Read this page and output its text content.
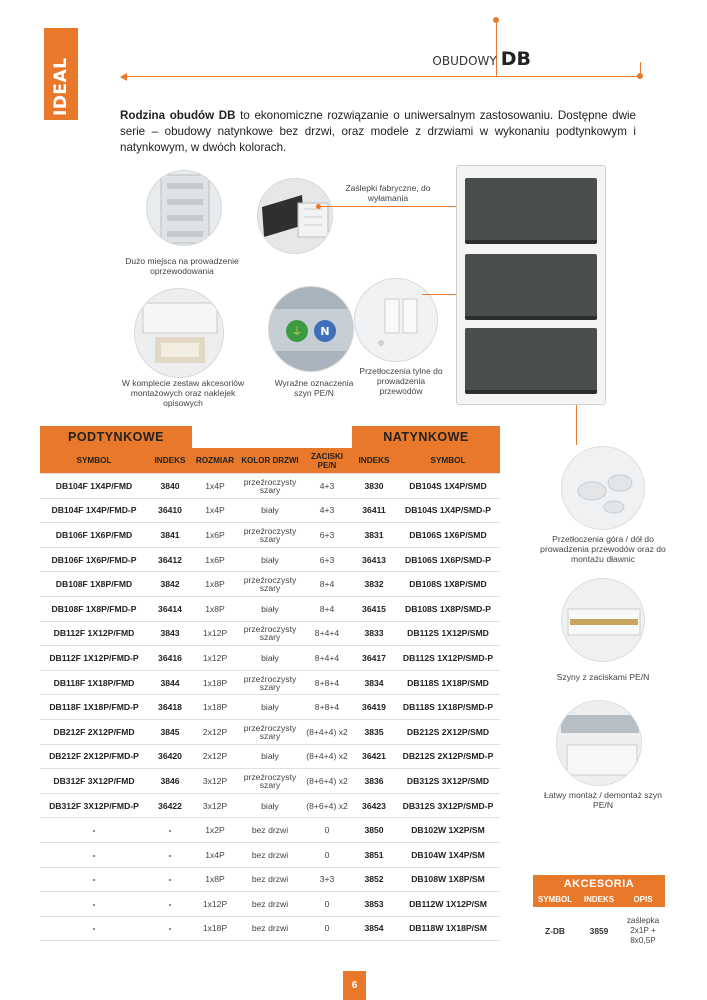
IDEAL	OBUDOWY DB
Rodzina obudów DB to ekonomiczne rozwiązanie o uniwersalnym zastosowaniu. Dostępne dwie serie – obudowy natynkowe bez drzwi, oraz modele z drzwiami w wykonaniu podtynkowym i natynkowym, w dwóch kolorach.
Dużo miejsca na prowadzenie oprzewodowania
Zaślepki fabryczne, do wyłamania
W komplecie zestaw akcesoriów montażowych oraz naklejek opisowych
⏚ N
Wyraźne oznaczenia szyn PE/N
Przetłoczenia tylne do prowadzenia przewodów
PODTYNKOWE					NATYNKOWE	
SYMBOL	INDEKS	ROZMIAR	KOLOR DRZWI	ZACISKI PE/N	INDEKS	SYMBOL
DB104F 1X4P/FMD	3840	1x4P	przeźroczysty szary	4+3	3830	DB104S 1X4P/SMD
DB104F 1X4P/FMD-P	36410	1x4P	biały	4+3	36411	DB104S 1X4P/SMD-P
DB106F 1X6P/FMD	3841	1x6P	przeźroczysty szary	6+3	3831	DB106S 1X6P/SMD
DB106F 1X6P/FMD-P	36412	1x6P	biały	6+3	36413	DB106S 1X6P/SMD-P
DB108F 1X8P/FMD	3842	1x8P	przeźroczysty szary	8+4	3832	DB108S 1X8P/SMD
DB108F 1X8P/FMD-P	36414	1x8P	biały	8+4	36415	DB108S 1X8P/SMD-P
DB112F 1X12P/FMD	3843	1x12P	przeźroczysty szary	8+4+4	3833	DB112S 1X12P/SMD
DB112F 1X12P/FMD-P	36416	1x12P	biały	8+4+4	36417	DB112S 1X12P/SMD-P
DB118F 1X18P/FMD	3844	1x18P	przeźroczysty szary	8+8+4	3834	DB118S 1X18P/SMD
DB118F 1X18P/FMD-P	36418	1x18P	biały	8+8+4	36419	DB118S 1X18P/SMD-P
DB212F 2X12P/FMD	3845	2x12P	przeźroczysty szary	(8+4+4) x2	3835	DB212S 2X12P/SMD
DB212F 2X12P/FMD-P	36420	2x12P	biały	(8+4+4) x2	36421	DB212S 2X12P/SMD-P
DB312F 3X12P/FMD	3846	3x12P	przeźroczysty szary	(8+6+4) x2	3836	DB312S 3X12P/SMD
DB312F 3X12P/FMD-P	36422	3x12P	biały	(8+6+4) x2	36423	DB312S 3X12P/SMD-P
-	-	1x2P	bez drzwi	0	3850	DB102W 1X2P/SM
-	-	1x4P	bez drzwi	0	3851	DB104W 1X4P/SM
-	-	1x8P	bez drzwi	3+3	3852	DB108W 1X8P/SM
-	-	1x12P	bez drzwi	0	3853	DB112W 1X12P/SM
-	-	1x18P	bez drzwi	0	3854	DB118W 1X18P/SM
Przetłoczenia góra / dół do prowadzenia przewodów oraz do montażu dławnic
Szyny z zaciskami PE/N
Łatwy montaż / demontaż szyn PE/N
AKCESORIA		
SYMBOL	INDEKS	OPIS
Z-DB	3859	zaślepka 2x1P + 8x0,5P
6
